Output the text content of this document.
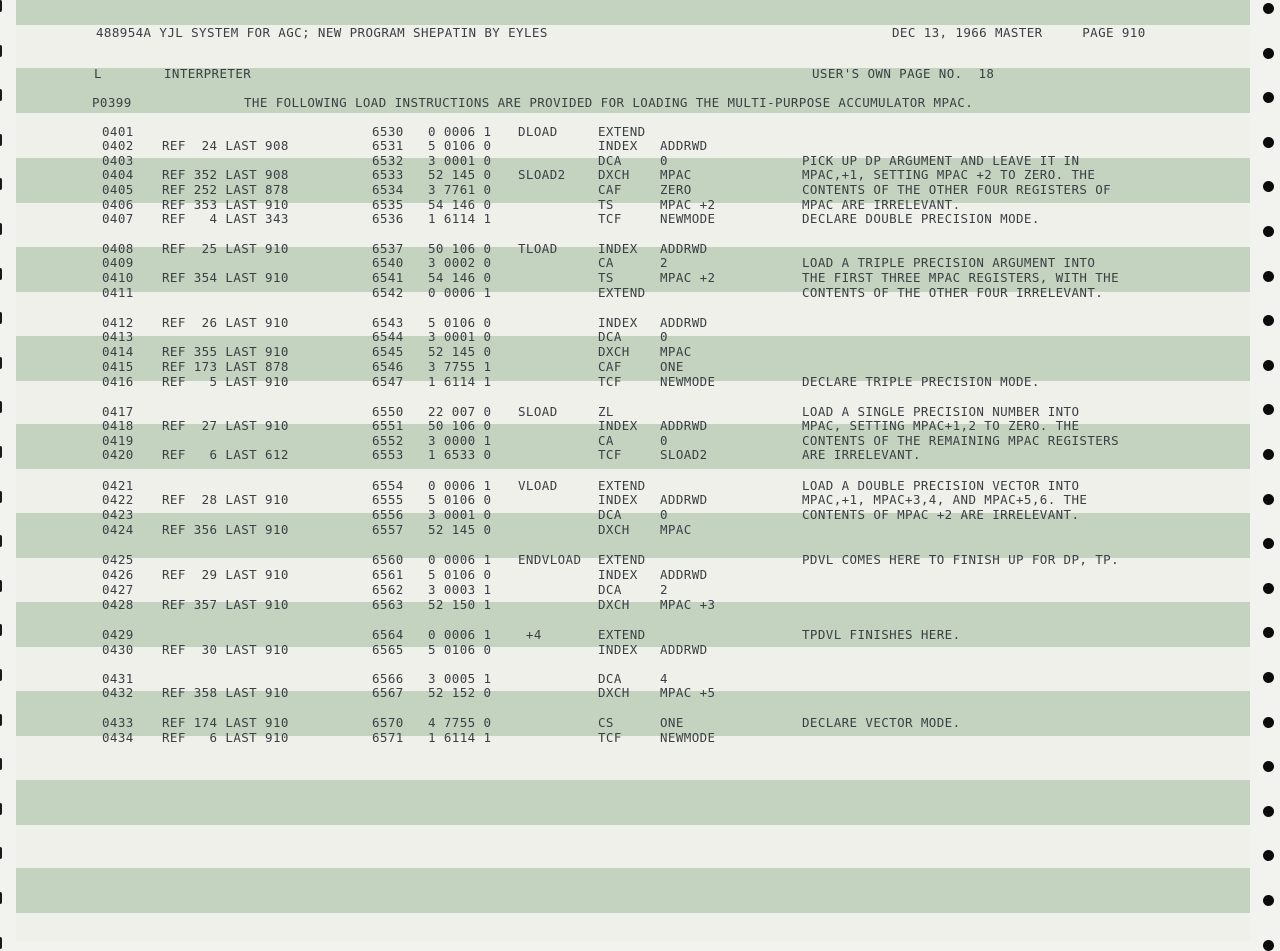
488954A YJL SYSTEM FOR AGC; NEW PROGRAM SHEPATIN BY EYLES	DEC 13, 1966 MASTER     PAGE 910
L	INTERPRETER	USER'S OWN PAGE NO.  18
P0399	THE FOLLOWING LOAD INSTRUCTIONS ARE PROVIDED FOR LOADING THE MULTI-PURPOSE ACCUMULATOR MPAC.
0401	6530 0 0006 1 DLOAD	EXTEND
0402 REF  24 LAST 908	6531 5 0106 0	INDEX ADDRWD
0403	6532 3 0001 0	DCA	0	PICK UP DP ARGUMENT AND LEAVE IT IN
0404 REF 352 LAST 908	6533 52 145 0 SLOAD2	DXCH MPAC	MPAC,+1, SETTING MPAC +2 TO ZERO. THE
0405 REF 252 LAST 878	6534 3 7761 0	CAF	ZERO	CONTENTS OF THE OTHER FOUR REGISTERS OF
0406 REF 353 LAST 910	6535 54 146 0	TS	MPAC +2	MPAC ARE IRRELEVANT.
0407 REF   4 LAST 343	6536 1 6114 1	TCF	NEWMODE	DECLARE DOUBLE PRECISION MODE.
0408 REF  25 LAST 910	6537 50 106 0 TLOAD	INDEX ADDRWD
0409	6540 3 0002 0	CA	2	LOAD A TRIPLE PRECISION ARGUMENT INTO
0410 REF 354 LAST 910	6541 54 146 0	TS	MPAC +2	THE FIRST THREE MPAC REGISTERS, WITH THE
0411	6542 0 0006 1	EXTEND	CONTENTS OF THE OTHER FOUR IRRELEVANT.
0412 REF  26 LAST 910	6543 5 0106 0	INDEX ADDRWD
0413	6544 3 0001 0	DCA	0
0414 REF 355 LAST 910	6545 52 145 0	DXCH MPAC
0415 REF 173 LAST 878	6546 3 7755 1	CAF	ONE
0416 REF   5 LAST 910	6547 1 6114 1	TCF	NEWMODE	DECLARE TRIPLE PRECISION MODE.
0417	6550 22 007 0 SLOAD	ZL	LOAD A SINGLE PRECISION NUMBER INTO
0418 REF  27 LAST 910	6551 50 106 0	INDEX ADDRWD	MPAC, SETTING MPAC+1,2 TO ZERO. THE
0419	6552 3 0000 1	CA	0	CONTENTS OF THE REMAINING MPAC REGISTERS
0420 REF   6 LAST 612	6553 1 6533 0	TCF	SLOAD2	ARE IRRELEVANT.
0421	6554 0 0006 1 VLOAD	EXTEND	LOAD A DOUBLE PRECISION VECTOR INTO
0422 REF  28 LAST 910	6555 5 0106 0	INDEX ADDRWD	MPAC,+1, MPAC+3,4, AND MPAC+5,6. THE
0423	6556 3 0001 0	DCA	0	CONTENTS OF MPAC +2 ARE IRRELEVANT.
0424 REF 356 LAST 910	6557 52 145 0	DXCH MPAC
0425	6560 0 0006 1 ENDVLOAD EXTEND	PDVL COMES HERE TO FINISH UP FOR DP, TP.
0426 REF  29 LAST 910	6561 5 0106 0	INDEX ADDRWD
0427	6562 3 0003 1	DCA	2
0428 REF 357 LAST 910	6563 52 150 1	DXCH MPAC +3
0429	6564 0 0006 1 +4	EXTEND	TPDVL FINISHES HERE.
0430 REF  30 LAST 910	6565 5 0106 0	INDEX ADDRWD
0431	6566 3 0005 1	DCA	4
0432 REF 358 LAST 910	6567 52 152 0	DXCH MPAC +5
0433 REF 174 LAST 910	6570 4 7755 0	CS	ONE	DECLARE VECTOR MODE.
0434 REF   6 LAST 910	6571 1 6114 1	TCF	NEWMODE
